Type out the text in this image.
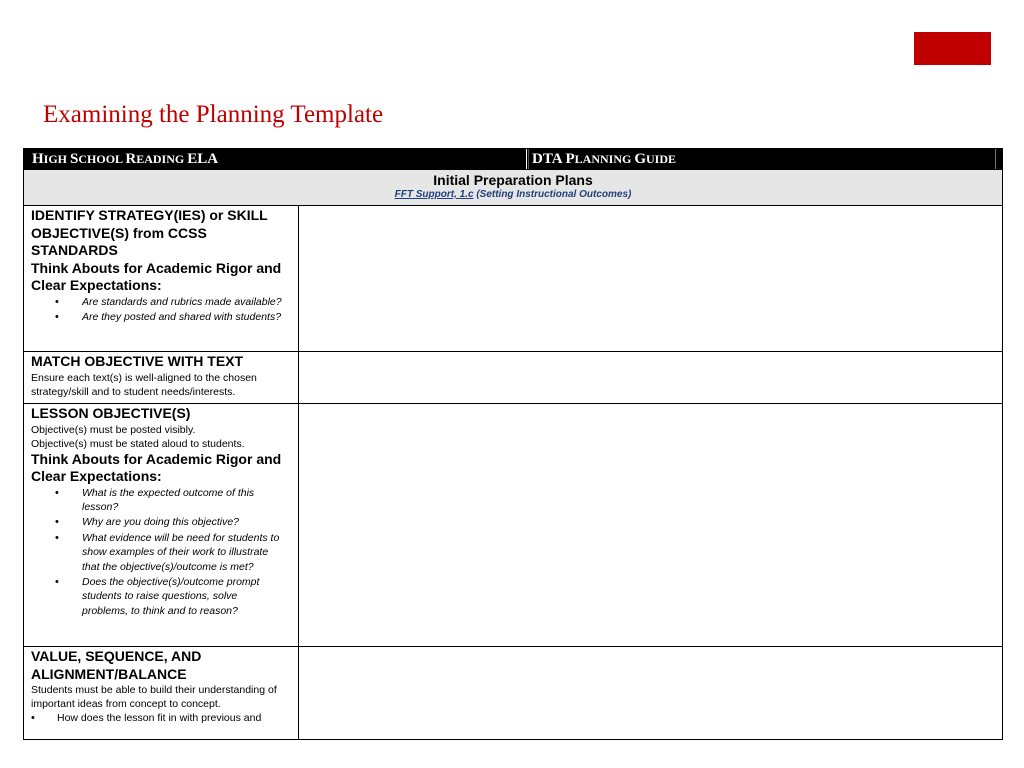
Examining the Planning Template
HIGH SCHOOL READING ELA	DTA PLANNING GUIDE
Initial Preparation Plans
FFT Support, 1.c (Setting Instructional Outcomes)
IDENTIFY STRATEGY(IES) or SKILL OBJECTIVE(S) from CCSS STANDARDS
Think Abouts for Academic Rigor and Clear Expectations:
• Are standards and rubrics made available?
• Are they posted and shared with students?
MATCH OBJECTIVE WITH TEXT
Ensure each text(s) is well-aligned to the chosen strategy/skill and to student needs/interests.
LESSON OBJECTIVE(S)
Objective(s) must be posted visibly.
Objective(s) must be stated aloud to students.
Think Abouts for Academic Rigor and Clear Expectations:
• What is the expected outcome of this lesson?
• Why are you doing this objective?
• What evidence will be need for students to show examples of their work to illustrate that the objective(s)/outcome is met?
• Does the objective(s)/outcome prompt students to raise questions, solve problems, to think and to reason?
VALUE, SEQUENCE, AND ALIGNMENT/BALANCE
Students must be able to build their understanding of important ideas from concept to concept.
• How does the lesson fit in with previous and
